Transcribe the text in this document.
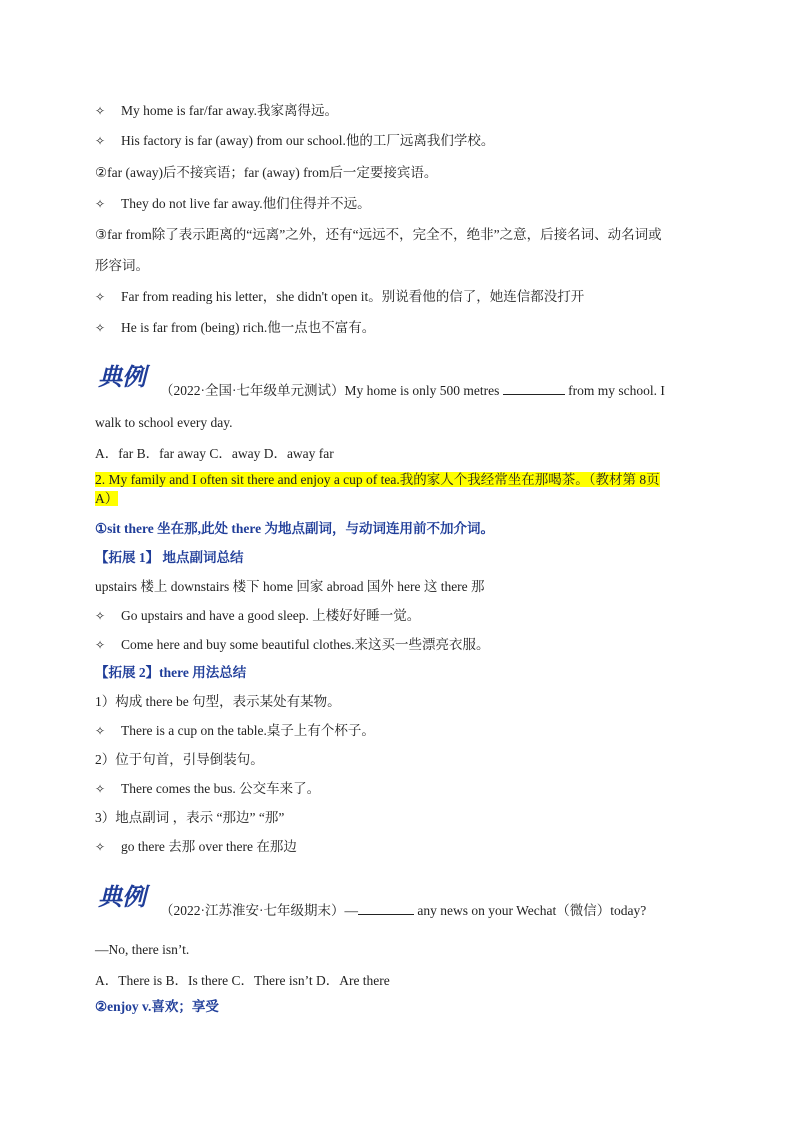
✧ My home is far/far away.我家离得远。
✧ His factory is far (away) from our school.他的工厂远离我们学校。
②far (away)后不接宾语；far (away) from后一定要接宾语。
✧ They do not live far away.他们住得并不远。
③far from除了表示距离的“远离”之外，还有“远远不，完全不，绝非”之意，后接名词、动名词或
形容词。
✧ Far from reading his letter，she didn't open it。别说看他的信了，她连信都没打开
✧ He is far from (being) rich.他一点也不富有。
典例	（2022·全国·七年级单元测试）My home is only 500 metres	from my school. I
walk to school every day.
A．far B．far away C．away D．away far
2. My family and I often sit there and enjoy a cup of tea.我的家人个我经常坐在那喝茶。（教材第 8页
A）
①sit there 坐在那,此处 there 为地点副词，与动词连用前不加介词。
【拓展 1】 地点副词总结
upstairs 楼上 downstairs 楼下 home 回家 abroad 国外 here 这 there 那
✧ Go upstairs and have a good sleep. 上楼好好睡一觉。
✧ Come here and buy some beautiful clothes.来这买一些漂亮衣服。
【拓展 2】there 用法总结
1）构成 there be 句型，表示某处有某物。
✧ There is a cup on the table.桌子上有个杯子。
2）位于句首，引导倒装句。
✧ There comes the bus. 公交车来了。
3）地点副词 ，表示 “那边” “那”
✧ go there 去那 over there 在那边
典例	（2022·江苏淮安·七年级期末）—	any news on your Wechat（微信）today?
—No, there isn’t.
A．There is B．Is there C．There isn’t D．Are there
②enjoy v.喜欢；享受
